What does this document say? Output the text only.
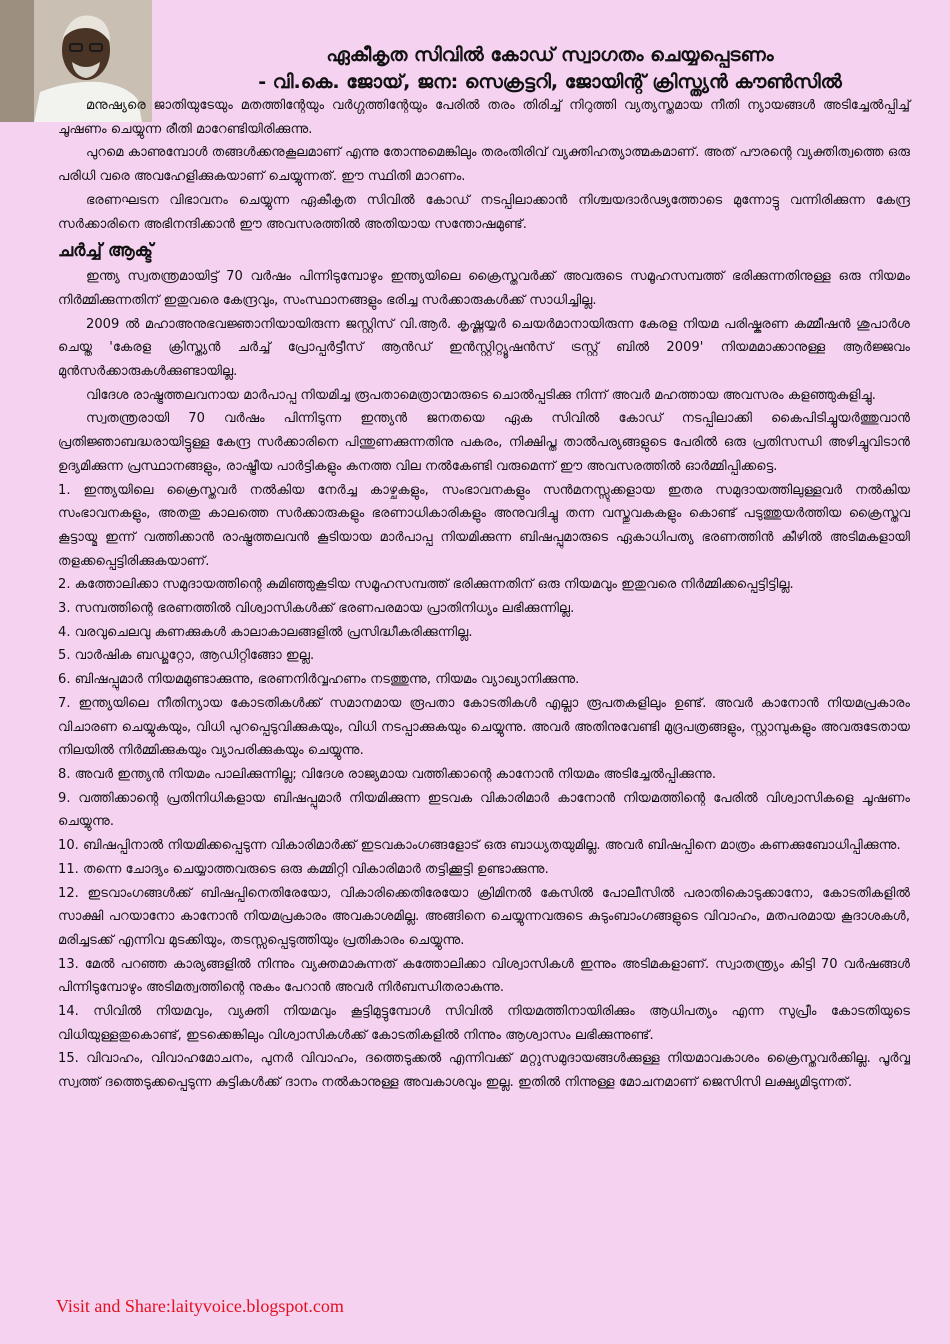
ഏകീകൃത സിവിൽ കോഡ് സ്വാഗതം ചെയ്യപ്പെടണം
- വി.കെ. ജോയ്, ജന: സെക്രട്ടറി, ജോയിന്റ് ക്രിസ്ത്യൻ കൗൺസിൽ

മനുഷ്യരെ ജാതിയുടേയും മതത്തിന്റേയും വർഗ്ഗത്തിന്റേയും പേരിൽ തരം തിരിച്ച് നിറുത്തി വ്യത്യസ്തമായ നീതി ന്യായങ്ങൾ അടിച്ചേൽപ്പിച്ച് ചൂഷണം ചെയ്യുന്ന രീതി മാറേണ്ടിയിരിക്കുന്നു.

പുറമെ കാണുമ്പോൾ തങ്ങൾക്കനുകൂലമാണ് എന്നു തോന്നുമെങ്കിലും തരംതിരിവ് വ്യക്തിഹത്യാത്മകമാണ്. അത് പൗരന്റെ വ്യക്തിത്വത്തെ ഒരു പരിധി വരെ അവഹേളിക്കുകയാണ് ചെയ്യുന്നത്. ഈ സ്ഥിതി മാറണം.

ഭരണഘടന വിഭാവനം ചെയ്യുന്ന ഏകീകൃത സിവിൽ കോഡ് നടപ്പിലാക്കാൻ നിശ്ചയദാർഢ്യത്തോടെ മുന്നോട്ടു വന്നിരിക്കുന്ന കേന്ദ്ര സർക്കാരിനെ അഭിനന്ദിക്കാൻ ഈ അവസരത്തിൽ അതിയായ സന്തോഷമുണ്ട്.

ചർച്ച് ആക്ട്

ഇന്ത്യ സ്വതന്ത്രമായിട്ട് 70 വർഷം പിന്നിടുമ്പോഴും ഇന്ത്യയിലെ ക്രൈസ്തവർക്ക് അവരുടെ സമൂഹസമ്പത്ത് ഭരിക്കുന്നതിനുള്ള ഒരു നിയമം നിർമ്മിക്കുന്നതിന് ഇതുവരെ കേന്ദ്രവും, സംസ്ഥാനങ്ങളും ഭരിച്ച സർക്കാരുകൾക്ക് സാധിച്ചില്ല.

2009 ൽ മഹാഅനുഭവജ്ഞാനിയായിരുന്ന ജസ്റ്റിസ് വി.ആർ. കൃഷ്ണയ്യർ ചെയർമാനായിരുന്ന കേരള നിയമ പരിഷ്കരണ കമ്മീഷൻ ശുപാർശ ചെയ്ത 'കേരള ക്രിസ്ത്യൻ ചർച്ച് പ്രോപ്പർട്ടീസ് ആൻഡ് ഇൻസ്റ്റിറ്റ്യൂഷൻസ് ട്രസ്റ്റ് ബിൽ 2009' നിയമമാക്കാനുള്ള ആർജ്ജവം മുൻസർക്കാരുകൾക്കുണ്ടായില്ല.

വിദേശ രാഷ്ട്രത്തലവനായ മാർപാപ്പ നിയമിച്ച രൂപതാമെത്രാന്മാരുടെ ചൊൽപ്പടിക്കു നിന്ന് അവർ മഹത്തായ അവസരം കളഞ്ഞുകുളിച്ചു.

സ്വതന്ത്രരായി 70 വർഷം പിന്നിടുന്ന ഇന്ത്യൻ ജനതയെ ഏക സിവിൽ കോഡ് നടപ്പിലാക്കി കൈപിടിച്ചുയർത്തുവാൻ പ്രതിജ്ഞാബദ്ധരായിട്ടുള്ള കേന്ദ്ര സർക്കാരിനെ പിന്തുണക്കുന്നതിനു പകരം, നിക്ഷിപ്ത താൽപര്യങ്ങളുടെ പേരിൽ ഒരു പ്രതിസന്ധി അഴിച്ചുവിടാൻ ഉദ്യമിക്കുന്ന പ്രസ്ഥാനങ്ങളും, രാഷ്ട്രീയ പാർട്ടികളും കനത്ത വില നൽകേണ്ടി വരുമെന്ന് ഈ അവസരത്തിൽ ഓർമ്മിപ്പിക്കട്ടെ.

1. ഇന്ത്യയിലെ ക്രൈസ്തവർ നൽകിയ നേർച്ച കാഴ്ചകളും, സംഭാവനകളും സൻമനസ്സുക്കളായ ഇതര സമുദായത്തിലുള്ളവർ നൽകിയ സംഭാവനകളും, അതതു കാലത്തെ സർക്കാരുകളും ഭരണാധികാരികളും അനുവദിച്ചു തന്ന വസ്തുവകകളും കൊണ്ട് പടുത്തുയർത്തിയ ക്രൈസ്തവ കൂട്ടായ്മ ഇന്ന് വത്തിക്കാൻ രാഷ്ട്രത്തലവൻ കൂടിയായ മാർപാപ്പ നിയമിക്കുന്ന ബിഷപ്പുമാരുടെ ഏകാധിപത്യ ഭരണത്തിൻ കീഴിൽ അടിമകളായി തളക്കപ്പെട്ടിരിക്കുകയാണ്.

2. കത്തോലിക്കാ സമുദായത്തിന്റെ കുമിഞ്ഞുകൂടിയ സമൂഹസമ്പത്ത് ഭരിക്കുന്നതിന് ഒരു നിയമവും ഇതുവരെ നിർമ്മിക്കപ്പെട്ടിട്ടില്ല.

3. സമ്പത്തിന്റെ ഭരണത്തിൽ വിശ്വാസികൾക്ക് ഭരണപരമായ പ്രാതിനിധ്യം ലഭിക്കുന്നില്ല.

4. വരവുചെലവു കണക്കുകൾ കാലാകാലങ്ങളിൽ പ്രസിദ്ധീകരിക്കുന്നില്ല.

5. വാർഷിക ബഡ്ജറ്റോ, ആഡിറ്റിങ്ങോ ഇല്ല.

6. ബിഷപ്പുമാർ നിയമമുണ്ടാക്കുന്നു, ഭരണനിർവ്വഹണം നടത്തുന്നു, നിയമം വ്യാഖ്യാനിക്കുന്നു.

7. ഇന്ത്യയിലെ നീതിന്യായ കോടതികൾക്ക് സമാനമായ രൂപതാ കോടതികൾ എല്ലാ രൂപതകളിലും ഉണ്ട്. അവർ കാനോൻ നിയമപ്രകാരം വിചാരണ ചെയ്യുകയും, വിധി പുറപ്പെടുവിക്കുകയും, വിധി നടപ്പാക്കുകയും ചെയ്യുന്നു. അവർ അതിനുവേണ്ടി മുദ്രപത്രങ്ങളും, സ്റ്റാമ്പുകളും അവരുടേതായ നിലയിൽ നിർമ്മിക്കുകയും വ്യാപരിക്കുകയും ചെയ്യുന്നു.

8. അവർ ഇന്ത്യൻ നിയമം പാലിക്കുന്നില്ല; വിദേശ രാജ്യമായ വത്തിക്കാന്റെ കാനോൻ നിയമം അടിച്ചേൽപ്പിക്കുന്നു.

9. വത്തിക്കാന്റെ പ്രതിനിധികളായ ബിഷപ്പുമാർ നിയമിക്കുന്ന ഇടവക വികാരിമാർ കാനോൻ നിയമത്തിന്റെ പേരിൽ വിശ്വാസികളെ ചൂഷണം ചെയ്യുന്നു.

10. ബിഷപ്പിനാൽ നിയമിക്കപ്പെടുന്ന വികാരിമാർക്ക് ഇടവകാംഗങ്ങളോട് ഒരു ബാധ്യതയുമില്ല. അവർ ബിഷപ്പിനെ മാത്രം കണക്കുബോധിപ്പിക്കുന്നു.

11. തന്നെ ചോദ്യം ചെയ്യാത്തവരുടെ ഒരു കമ്മിറ്റി വികാരിമാർ തട്ടിക്കൂട്ടി ഉണ്ടാക്കുന്നു.

12. ഇടവാംഗങ്ങൾക്ക് ബിഷപ്പിനെതിരേയോ, വികാരിക്കെതിരേയോ ക്രിമിനൽ കേസിൽ പോലീസിൽ പരാതികൊടുക്കാനോ, കോടതികളിൽ സാക്ഷി പറയാനോ കാനോൻ നിയമപ്രകാരം അവകാശമില്ല. അങ്ങിനെ ചെയ്യുന്നവരുടെ കുടുംബാംഗങ്ങളുടെ വിവാഹം, മതപരമായ കൂദാശകൾ, മരിച്ചടക്ക് എന്നിവ മുടക്കിയും, തടസ്സപ്പെടുത്തിയും പ്രതികാരം ചെയ്യുന്നു.

13. മേൽ പറഞ്ഞ കാര്യങ്ങളിൽ നിന്നും വ്യക്തമാകുന്നത് കത്തോലിക്കാ വിശ്വാസികൾ ഇന്നും അടിമകളാണ്. സ്വാതന്ത്ര്യം കിട്ടി 70 വർഷങ്ങൾ പിന്നിടുമ്പോഴും അടിമത്വത്തിന്റെ നുകം പേറാൻ അവർ നിർബന്ധിതരാകുന്നു.

14. സിവിൽ നിയമവും, വ്യക്തി നിയമവും കൂട്ടിമുട്ടുമ്പോൾ സിവിൽ നിയമത്തിനായിരിക്കും ആധിപത്യം എന്ന സുപ്രീം കോടതിയുടെ വിധിയുള്ളതുകൊണ്ട്, ഇടക്കെങ്കിലും വിശ്വാസികൾക്ക് കോടതികളിൽ നിന്നും ആശ്വാസം ലഭിക്കുന്നുണ്ട്.

15. വിവാഹം, വിവാഹമോചനം, പുനർ വിവാഹം, ദത്തെടുക്കൽ എന്നിവക്ക് മറ്റുസമുദായങ്ങൾക്കുള്ള നിയമാവകാശം ക്രൈസ്തവർക്കില്ല. പൂർവ്വ സ്വത്ത് ദത്തെടുക്കപ്പെടുന്ന കുട്ടികൾക്ക് ദാനം നൽകാനുള്ള അവകാശവും ഇല്ല. ഇതിൽ നിന്നുള്ള മോചനമാണ് ജെസിസി ലക്ഷ്യമിടുന്നത്.

Visit and Share:laityvoice.blogspot.com
